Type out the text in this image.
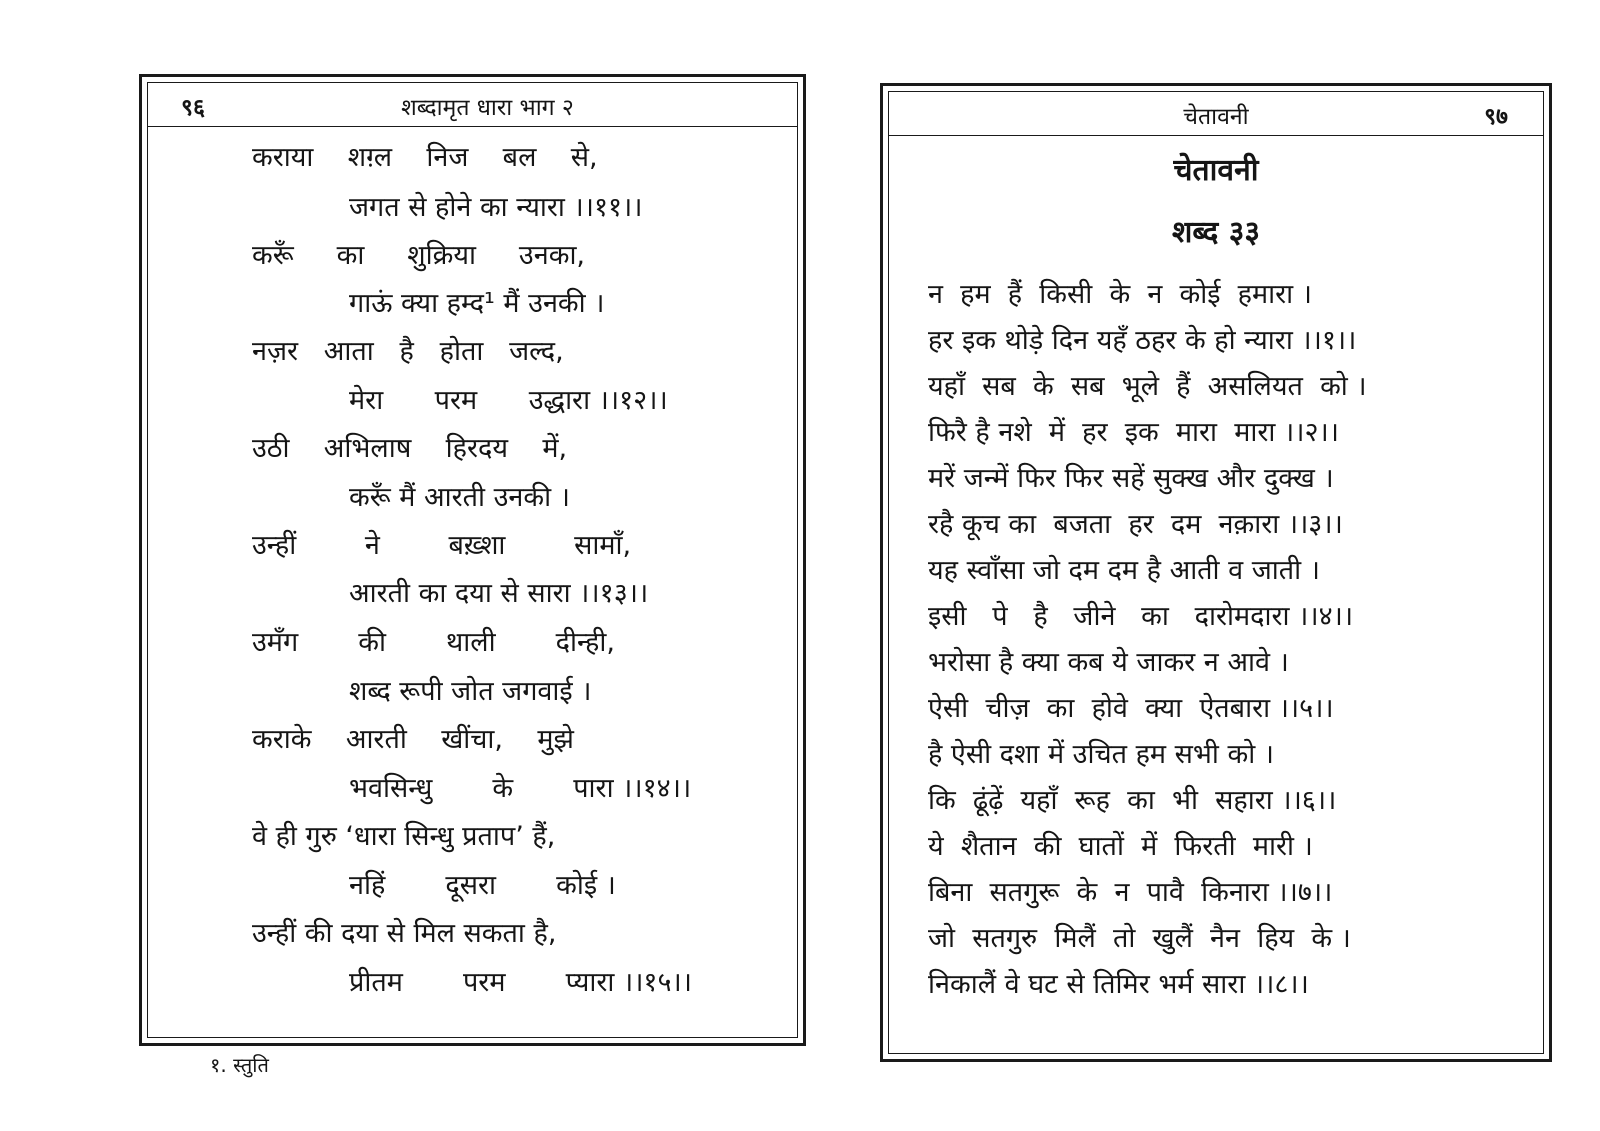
९६	शब्दामृत धारा भाग २
कराया    शग़्ल    निज    बल    से,
जगत से होने का न्यारा ।।११।।
करूँ     का     शुक्रिया     उनका,
गाऊं क्या हम्द¹ मैं उनकी ।
नज़र   आता   है   होता   जल्द,
मेरा      परम      उद्धारा ।।१२।।
उठी    अभिलाष    हिरदय    में,
करूँ मैं आरती उनकी ।
उन्हीं        ने        बख़्शा        सामाँ,
आरती का दया से सारा ।।१३।।
उमँग       की       थाली       दीन्ही,
शब्द रूपी जोत जगवाई ।
कराके    आरती    खींचा,    मुझे
भवसिन्धु       के       पारा ।।१४।।
वे ही गुरु ‘धारा सिन्धु प्रताप’ हैं,
नहिं       दूसरा       कोई ।
उन्हीं की दया से मिल सकता है,
प्रीतम       परम       प्यारा ।।१५।।
१. स्तुति
चेतावनी	९७
चेतावनी
शब्द ३३
न  हम  हैं  किसी  के  न  कोई  हमारा ।
हर इक थोड़े दिन यहँ ठहर के हो न्यारा ।।१।।
यहाँ  सब  के  सब  भूले  हैं  असलियत  को ।
फिरै है नशे  में  हर  इक  मारा  मारा ।।२।।
मरें जन्में फिर फिर सहें सुक्ख और दुक्ख ।
रहै कूच का  बजता  हर  दम  नक़ारा ।।३।।
यह स्वाँसा जो दम दम है आती व जाती ।
इसी   पे   है   जीने   का   दारोमदारा ।।४।।
भरोसा है क्या कब ये जाकर न आवे ।
ऐसी  चीज़  का  होवे  क्या  ऐतबारा ।।५।।
है ऐसी दशा में उचित हम सभी को ।
कि  ढूंढ़ें  यहाँ  रूह  का  भी  सहारा ।।६।।
ये  शैतान  की  घातों  में  फिरती  मारी ।
बिना  सतगुरू  के  न  पावै  किनारा ।।७।।
जो  सतगुरु  मिलैं  तो  खुलैं  नैन  हिय  के ।
निकालैं वे घट से तिमिर भर्म सारा ।।८।।
